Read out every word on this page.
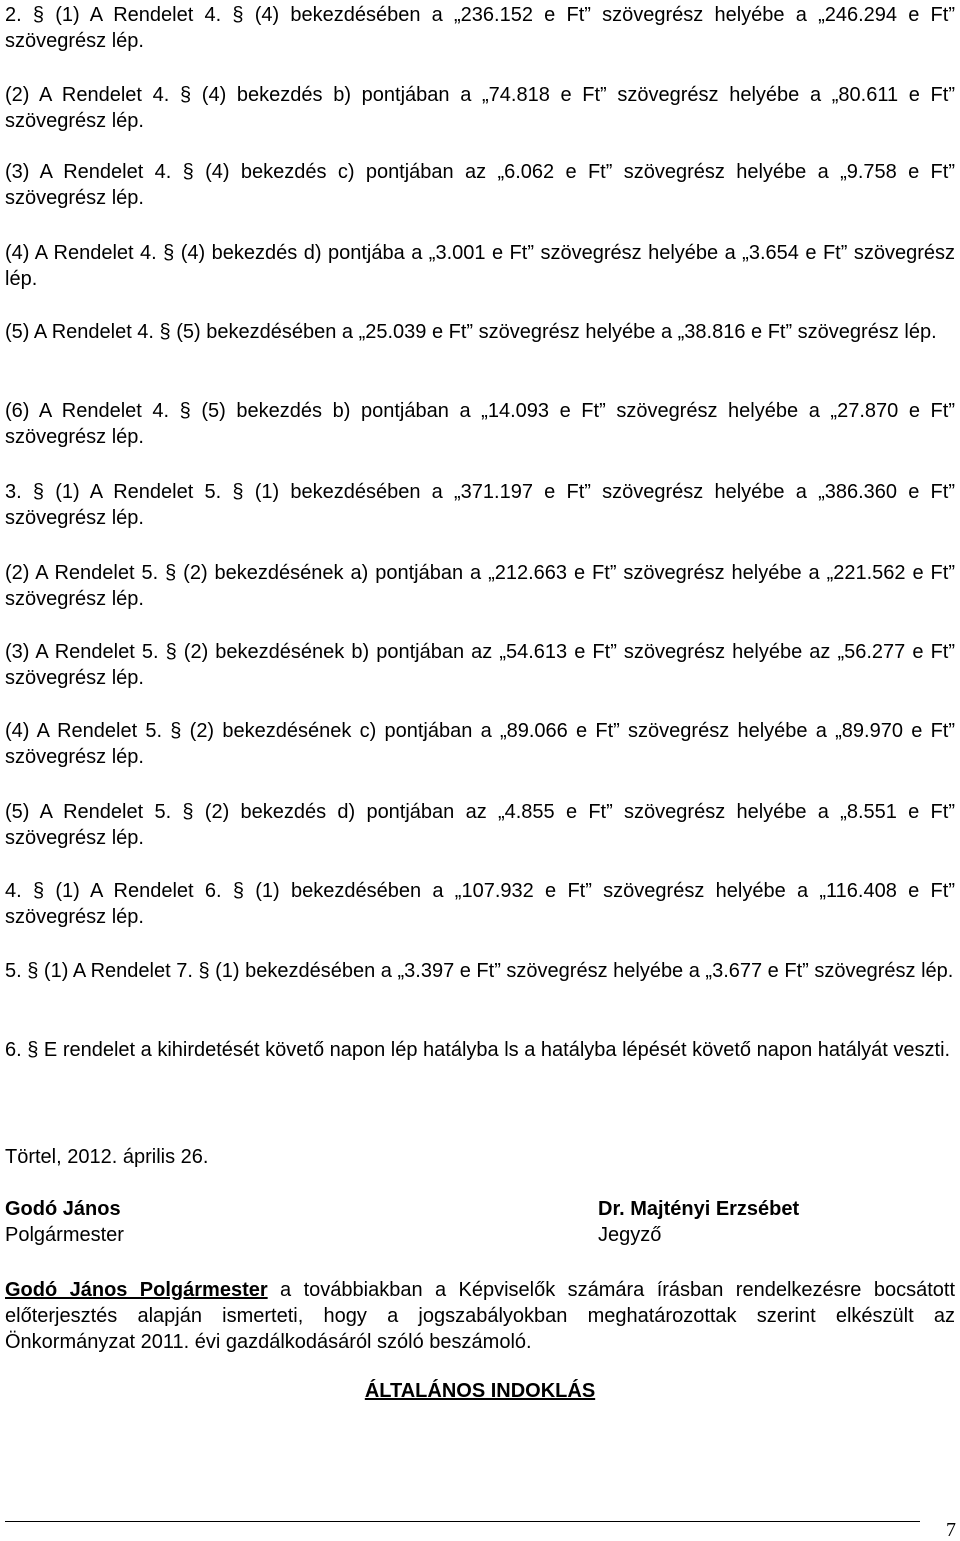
2. § (1) A Rendelet 4. § (4) bekezdésében a „236.152 e Ft” szövegrész helyébe a „246.294 e Ft” szövegrész lép.

(2) A Rendelet 4. § (4) bekezdés b) pontjában a „74.818 e Ft” szövegrész helyébe a „80.611 e Ft” szövegrész lép.

(3) A Rendelet 4. § (4) bekezdés c) pontjában az „6.062 e Ft” szövegrész helyébe a „9.758 e Ft” szövegrész lép.

(4) A Rendelet 4. § (4) bekezdés d) pontjába a „3.001 e Ft” szövegrész helyébe a „3.654 e Ft” szövegrész lép.

(5) A Rendelet 4. § (5) bekezdésében a „25.039 e Ft” szövegrész helyébe a „38.816 e Ft” szövegrész lép.

(6) A Rendelet 4. § (5) bekezdés b) pontjában a „14.093 e Ft” szövegrész helyébe a „27.870 e Ft” szövegrész lép.

3. § (1) A Rendelet 5. § (1) bekezdésében a „371.197 e Ft” szövegrész helyébe a „386.360 e Ft” szövegrész lép.

(2) A Rendelet 5. § (2) bekezdésének a) pontjában a „212.663 e Ft” szövegrész helyébe a „221.562 e Ft” szövegrész lép.

(3) A Rendelet 5. § (2) bekezdésének b) pontjában az „54.613 e Ft” szövegrész helyébe az „56.277 e Ft” szövegrész lép.

(4) A Rendelet 5. § (2) bekezdésének c) pontjában a „89.066 e Ft” szövegrész helyébe a „89.970 e Ft” szövegrész lép.

(5) A Rendelet 5. § (2) bekezdés d) pontjában az „4.855 e Ft” szövegrész helyébe a „8.551 e Ft” szövegrész lép.

4. § (1) A Rendelet 6. § (1) bekezdésében a „107.932 e Ft” szövegrész helyébe a „116.408 e Ft” szövegrész lép.

5. § (1) A Rendelet 7. § (1) bekezdésében a „3.397 e Ft” szövegrész helyébe a „3.677 e Ft” szövegrész lép.

6. § E rendelet a kihirdetését követő napon lép hatályba ls a hatályba lépését követő napon hatályát veszti.

Törtel, 2012. április 26.

Godó János
Polgármester
Dr. Majtényi Erzsébet
Jegyző

Godó János Polgármester a továbbiakban a Képviselők számára írásban rendelkezésre bocsátott előterjesztés alapján ismerteti, hogy a jogszabályokban meghatározottak szerint elkészült az Önkormányzat 2011. évi gazdálkodásáról szóló beszámoló.

ÁLTALÁNOS INDOKLÁS
7
